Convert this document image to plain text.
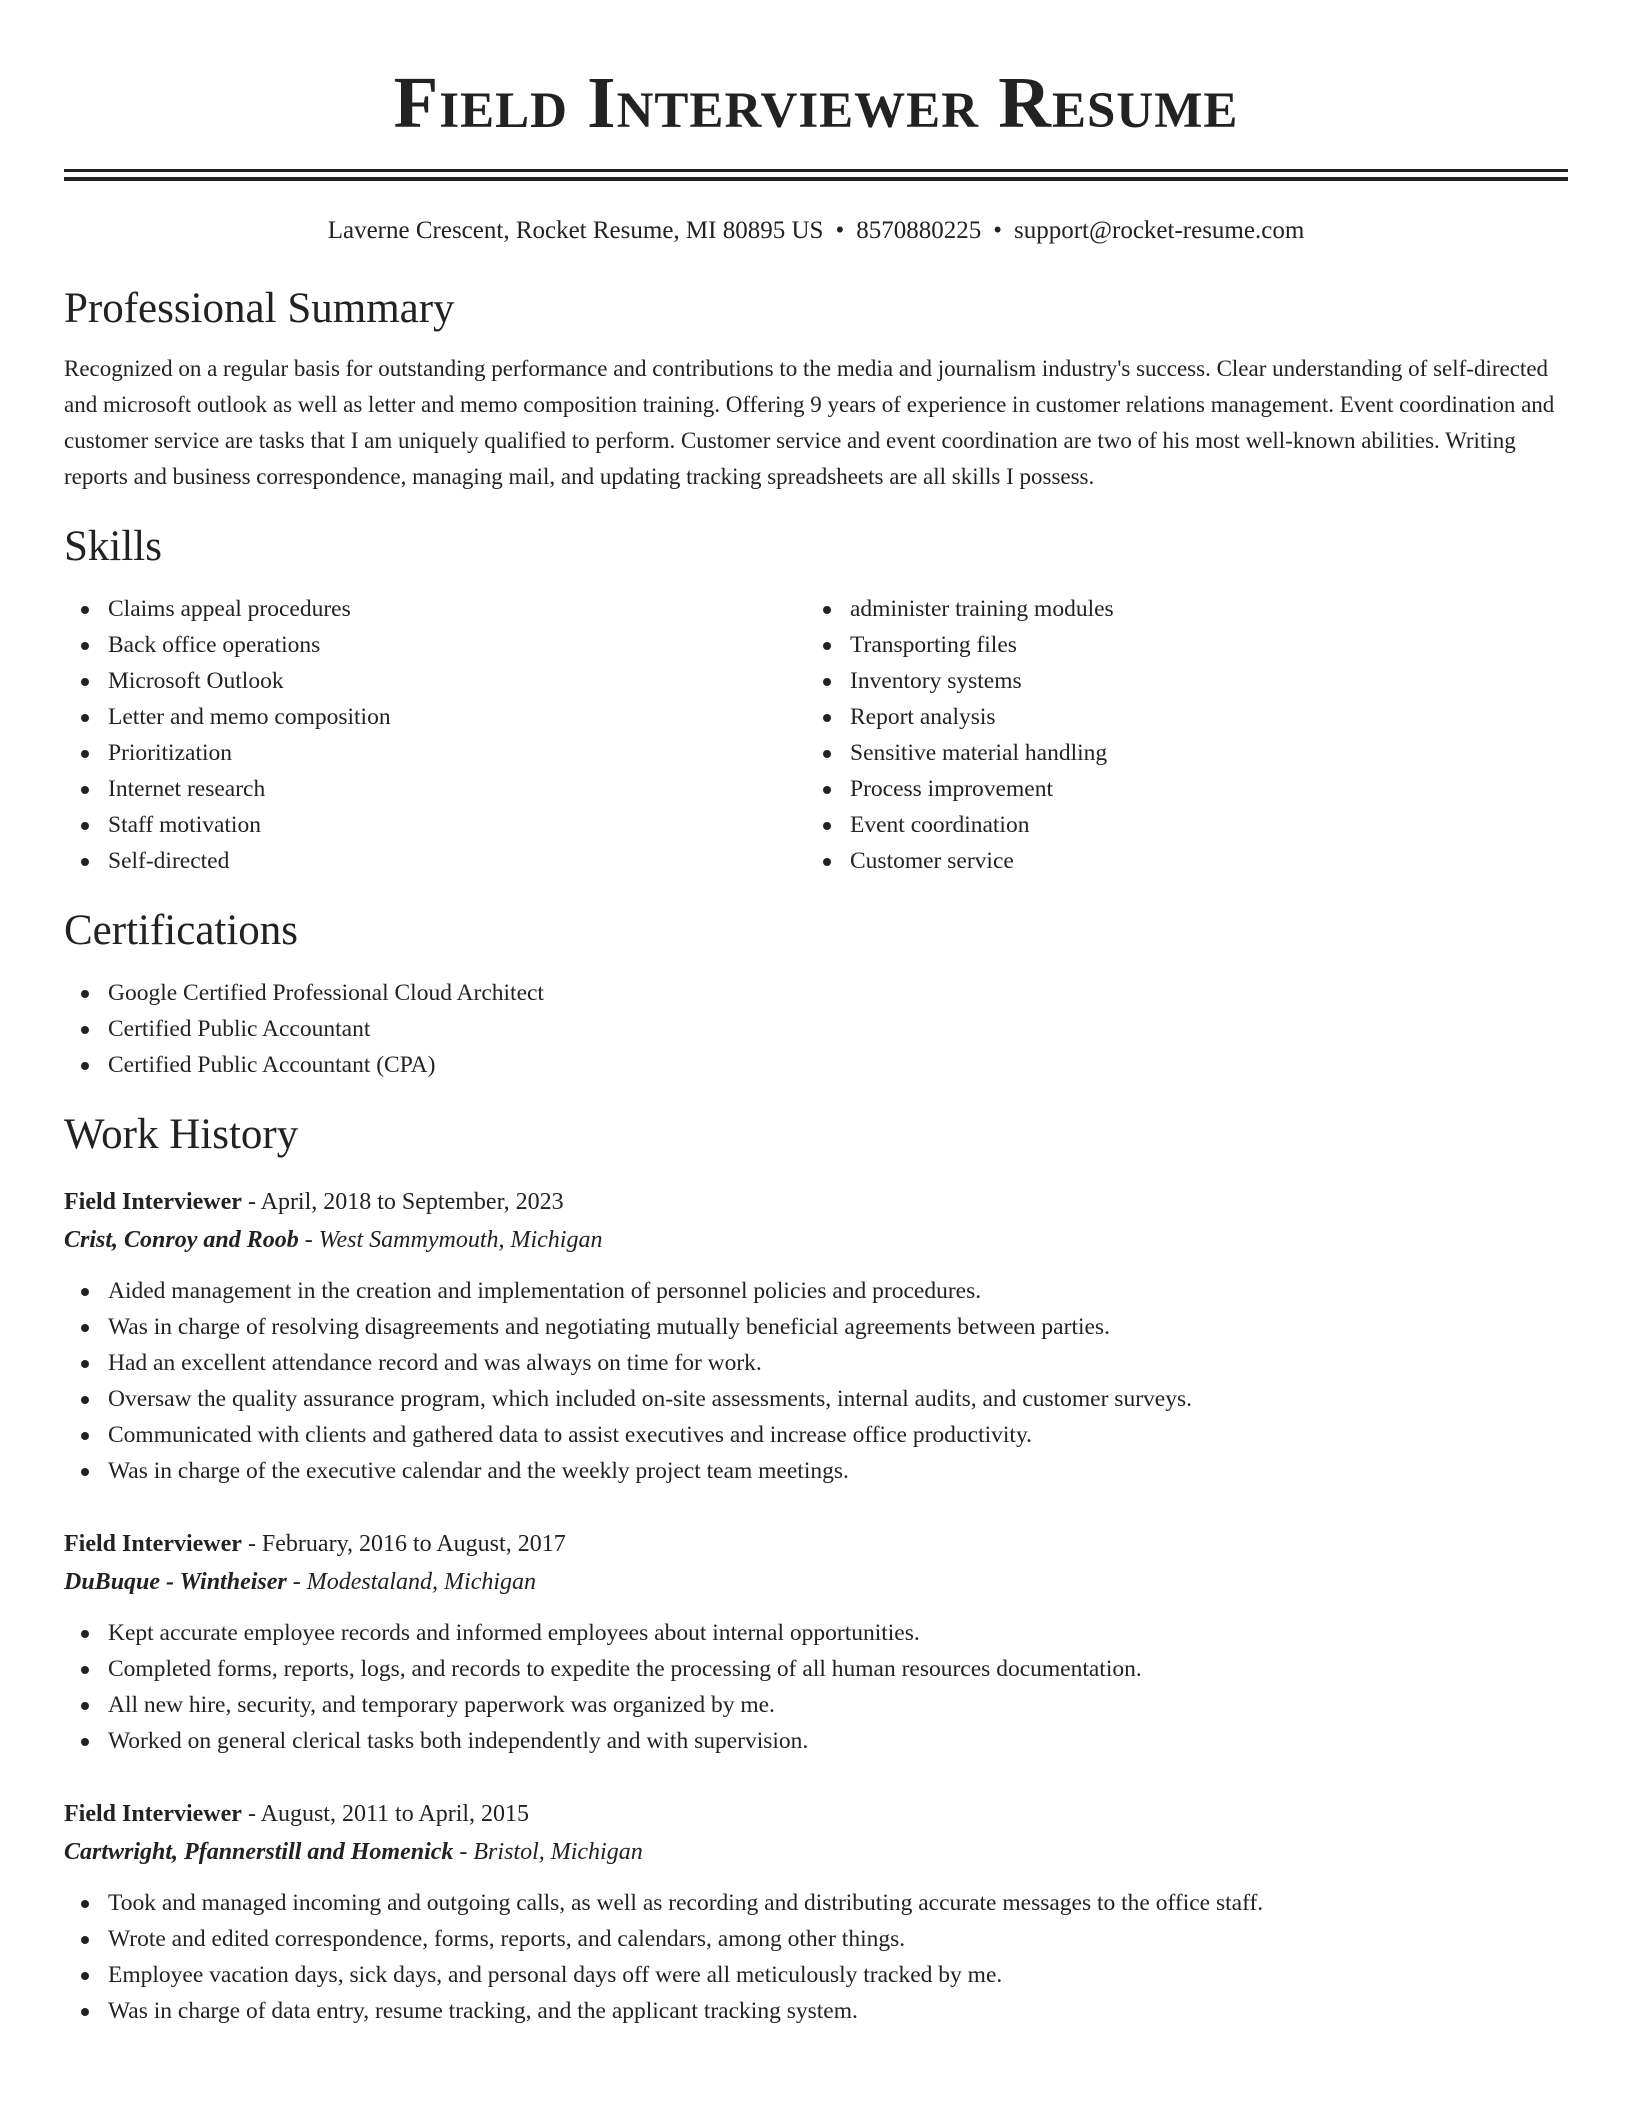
Field Interviewer Resume
Laverne Crescent, Rocket Resume, MI 80895 US • 8570880225 • support@rocket-resume.com
Professional Summary

Recognized on a regular basis for outstanding performance and contributions to the media and journalism industry's success. Clear understanding of self-directed and microsoft outlook as well as letter and memo composition training. Offering 9 years of experience in customer relations management. Event coordination and customer service are tasks that I am uniquely qualified to perform. Customer service and event coordination are two of his most well-known abilities. Writing reports and business correspondence, managing mail, and updating tracking spreadsheets are all skills I possess.

Skills
Claims appeal procedures
Back office operations
Microsoft Outlook
Letter and memo composition
Prioritization
Internet research
Staff motivation
Self-directed
administer training modules
Transporting files
Inventory systems
Report analysis
Sensitive material handling
Process improvement
Event coordination
Customer service
Certifications
Google Certified Professional Cloud Architect
Certified Public Accountant
Certified Public Accountant (CPA)
Work History
Field Interviewer - April, 2018 to September, 2023
Crist, Conroy and Roob - West Sammymouth, Michigan
Aided management in the creation and implementation of personnel policies and procedures.
Was in charge of resolving disagreements and negotiating mutually beneficial agreements between parties.
Had an excellent attendance record and was always on time for work.
Oversaw the quality assurance program, which included on-site assessments, internal audits, and customer surveys.
Communicated with clients and gathered data to assist executives and increase office productivity.
Was in charge of the executive calendar and the weekly project team meetings.
Field Interviewer - February, 2016 to August, 2017
DuBuque - Wintheiser - Modestaland, Michigan
Kept accurate employee records and informed employees about internal opportunities.
Completed forms, reports, logs, and records to expedite the processing of all human resources documentation.
All new hire, security, and temporary paperwork was organized by me.
Worked on general clerical tasks both independently and with supervision.
Field Interviewer - August, 2011 to April, 2015
Cartwright, Pfannerstill and Homenick - Bristol, Michigan
Took and managed incoming and outgoing calls, as well as recording and distributing accurate messages to the office staff.
Wrote and edited correspondence, forms, reports, and calendars, among other things.
Employee vacation days, sick days, and personal days off were all meticulously tracked by me.
Was in charge of data entry, resume tracking, and the applicant tracking system.
